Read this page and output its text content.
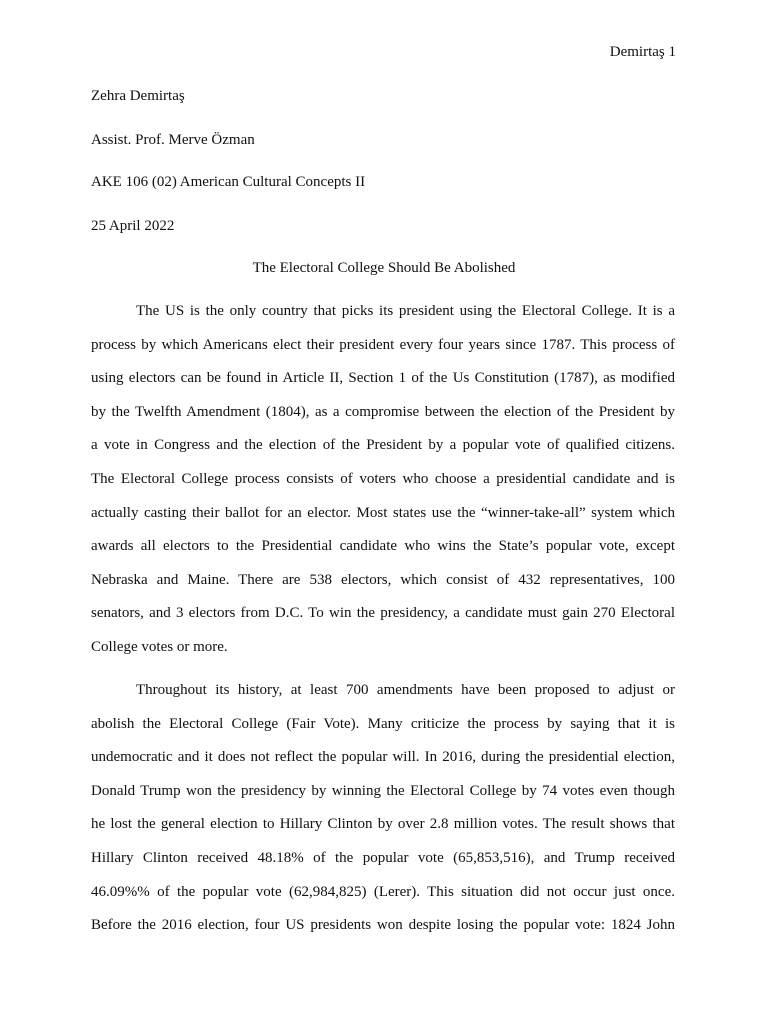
Demirtaş 1
Zehra Demirtaş
Assist. Prof. Merve Özman
AKE 106 (02) American Cultural Concepts II
25 April 2022
The Electoral College Should Be Abolished
The US is the only country that picks its president using the Electoral College. It is a
process by which Americans elect their president every four years since 1787. This process of
using electors can be found in Article II, Section 1 of the Us Constitution (1787), as modified
by the Twelfth Amendment (1804), as a compromise between the election of the President by
a vote in Congress and the election of the President by a popular vote of qualified citizens.
The Electoral College process consists of voters who choose a presidential candidate and is
actually casting their ballot for an elector. Most states use the “winner-take-all” system which
awards all electors to the Presidential candidate who wins the State’s popular vote, except
Nebraska and Maine. There are 538 electors, which consist of 432 representatives, 100
senators, and 3 electors from D.C. To win the presidency, a candidate must gain 270 Electoral
College votes or more.
Throughout its history, at least 700 amendments have been proposed to adjust or
abolish the Electoral College (Fair Vote). Many criticize the process by saying that it is
undemocratic and it does not reflect the popular will. In 2016, during the presidential election,
Donald Trump won the presidency by winning the Electoral College by 74 votes even though
he lost the general election to Hillary Clinton by over 2.8 million votes. The result shows that
Hillary Clinton received 48.18% of the popular vote (65,853,516), and Trump received
46.09%% of the popular vote (62,984,825) (Lerer). This situation did not occur just once.
Before the 2016 election, four US presidents won despite losing the popular vote: 1824 John
